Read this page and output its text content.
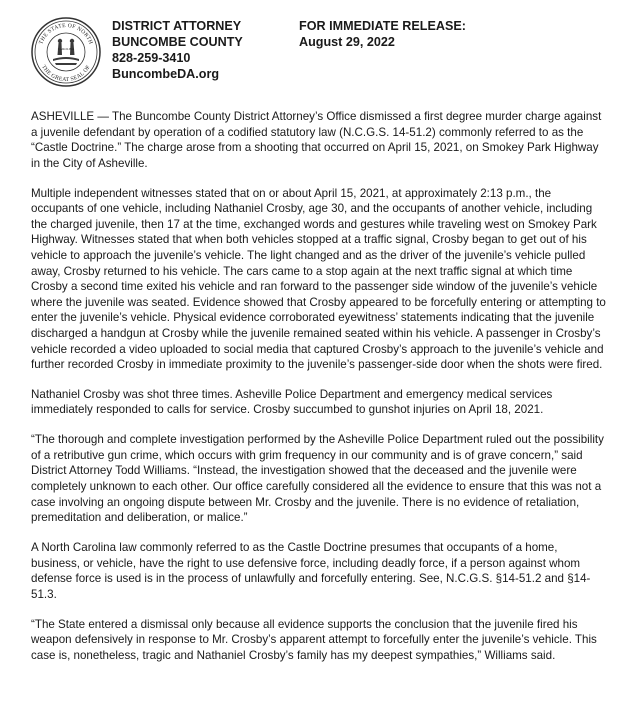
THE STATE OF NORTH
THE GREAT SEAL OF
CAROLINA
DISTRICT ATTORNEY
BUNCOMBE COUNTY
828-259-3410
BuncombeDA.org
FOR IMMEDIATE RELEASE:
August 29, 2022

ASHEVILLE — The Buncombe County District Attorney’s Office dismissed a first degree murder charge against a juvenile defendant by operation of a codified statutory law (N.C.G.S. 14-51.2) commonly referred to as the “Castle Doctrine.” The charge arose from a shooting that occurred on April 15, 2021, on Smokey Park Highway in the City of Asheville.

Multiple independent witnesses stated that on or about April 15, 2021, at approximately 2:13 p.m., the occupants of one vehicle, including Nathaniel Crosby, age 30, and the occupants of another vehicle, including the charged juvenile, then 17 at the time, exchanged words and gestures while traveling west on Smokey Park Highway. Witnesses stated that when both vehicles stopped at a traffic signal, Crosby began to get out of his vehicle to approach the juvenile’s vehicle. The light changed and as the driver of the juvenile’s vehicle pulled away, Crosby returned to his vehicle. The cars came to a stop again at the next traffic signal at which time Crosby a second time exited his vehicle and ran forward to the passenger side window of the juvenile’s vehicle where the juvenile was seated. Evidence showed that Crosby appeared to be forcefully entering or attempting to enter the juvenile’s vehicle. Physical evidence corroborated eyewitness’ statements indicating that the juvenile discharged a handgun at Crosby while the juvenile remained seated within his vehicle. A passenger in Crosby’s vehicle recorded a video uploaded to social media that captured Crosby’s approach to the juvenile’s vehicle and further recorded Crosby in immediate proximity to the juvenile’s passenger-side door when the shots were fired.

Nathaniel Crosby was shot three times. Asheville Police Department and emergency medical services immediately responded to calls for service. Crosby succumbed to gunshot injuries on April 18, 2021.

“The thorough and complete investigation performed by the Asheville Police Department ruled out the possibility of a retributive gun crime, which occurs with grim frequency in our community and is of grave concern,” said District Attorney Todd Williams. “Instead, the investigation showed that the deceased and the juvenile were completely unknown to each other. Our office carefully considered all the evidence to ensure that this was not a case involving an ongoing dispute between Mr. Crosby and the juvenile. There is no evidence of retaliation, premeditation and deliberation, or malice.”

A North Carolina law commonly referred to as the Castle Doctrine presumes that occupants of a home, business, or vehicle, have the right to use defensive force, including deadly force, if a person against whom defense force is used is in the process of unlawfully and forcefully entering. See, N.C.G.S. §14-51.2 and §14-51.3.

“The State entered a dismissal only because all evidence supports the conclusion that the juvenile fired his weapon defensively in response to Mr. Crosby’s apparent attempt to forcefully enter the juvenile’s vehicle. This case is, nonetheless, tragic and Nathaniel Crosby’s family has my deepest sympathies,” Williams said.
